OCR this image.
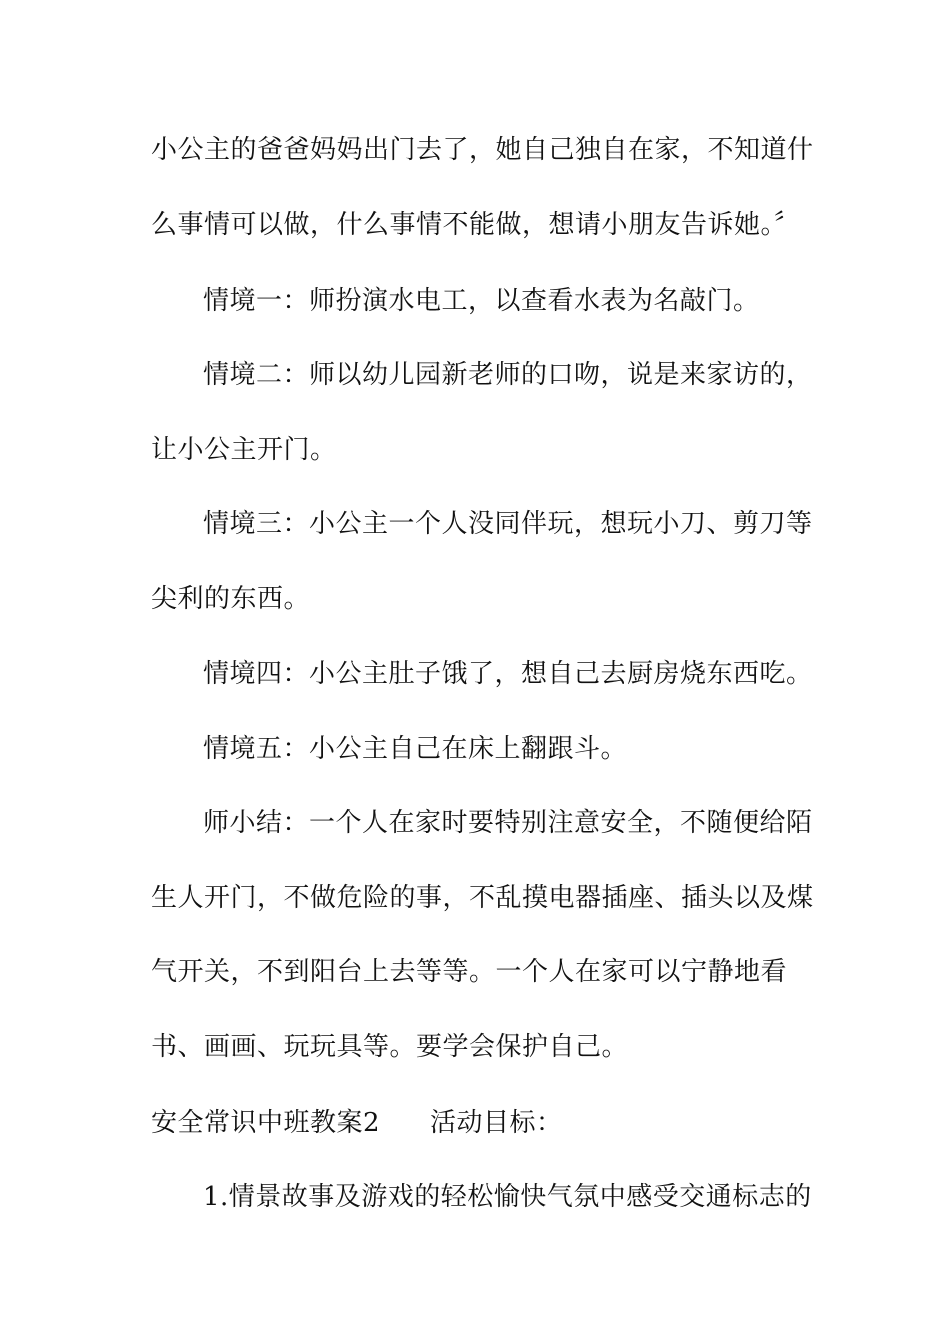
小公主的爸爸妈妈出门去了，她自己独自在家，不知道什
么事情可以做，什么事情不能做，想请小朋友告诉她。〞
情境一：师扮演水电工，以查看水表为名敲门。
情境二：师以幼儿园新老师的口吻，说是来家访的，
让小公主开门。
情境三：小公主一个人没同伴玩，想玩小刀、剪刀等
尖利的东西。
情境四：小公主肚子饿了，想自己去厨房烧东西吃。
情境五：小公主自己在床上翻跟斗。
师小结：一个人在家时要特别注意安全，不随便给陌
生人开门，不做危险的事，不乱摸电器插座、插头以及煤
气开关，不到阳台上去等等。一个人在家可以宁静地看
书、画画、玩玩具等。要学会保护自己。
安全常识中班教案2 活动目标：
1.情景故事及游戏的轻松愉快气氛中感受交通标志的
